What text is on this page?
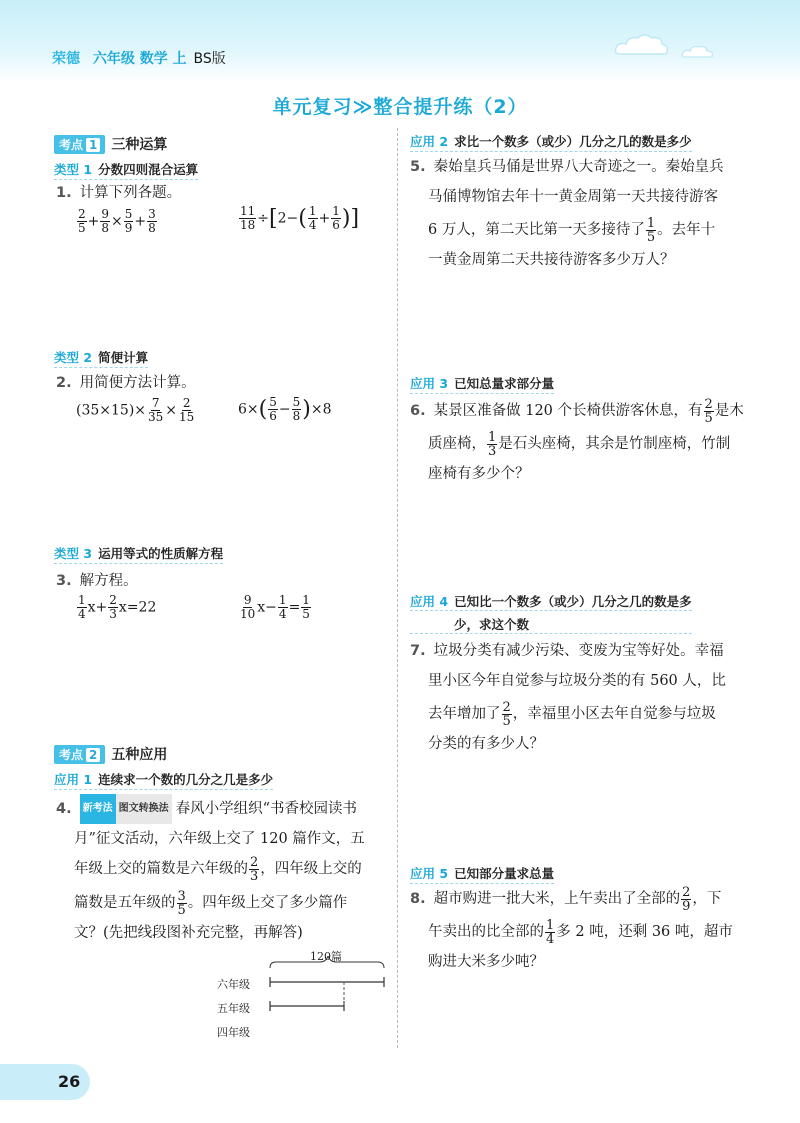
荣德 六年级 数学 上 BS版
单元复习≫整合提升练（2）
考点 1 三种运算
类型 1 分数四则混合运算
1. 计算下列各题。
$\frac{2}{5} + \frac{9}{8} \times \frac{5}{9} + \frac{3}{8}$	$\frac{11}{18} \div[2-( \frac{1}{4} + \frac{1}{6}$ )]
类型 2 简便计算
2. 用简便方法计算。
$(35\times 15)\times \frac{7}{35} \times \frac{2}{15}$	$6\times( \frac{5}{6} - \frac{5}{8} )\times 8$
类型 3 运用等式的性质解方程
3. 解方程。
$\frac{1}{4} x+ \frac{2}{3} x=22$	$\frac{9}{10} x- \frac{1}{4} = \frac{1}{5}$
考点 2 五种应用
应用 1 连续求一个数的几分之几是多少
4. 新考法 图文转换法 春风小学组织“书香校园读书
月”征文活动，六年级上交了 120 篇作文，五
年级上交的篇数是六年级的 $\frac{2}{3}$ ，四年级上交的
篇数是五年级的 $\frac{3}{5}$ 。四年级上交了多少篇作
文？(先把线段图补充完整，再解答)
120篇
六年级
五年级
四年级
应用 2 求比一个数多（或少）几分之几的数是多少
5. 秦始皇兵马俑是世界八大奇迹之一。秦始皇兵
马俑博物馆去年十一黄金周第一天共接待游客
6 万人，第二天比第一天多接待了 $\frac{1}{5}$ 。去年十
一黄金周第二天共接待游客多少万人？
应用 3 已知总量求部分量
6. 某景区准备做 120 个长椅供游客休息，有 $\frac{2}{5}$ 是木
质座椅， $\frac{1}{3}$ 是石头座椅，其余是竹制座椅，竹制
座椅有多少个？
应用 4 已知比一个数多（或少）几分之几的数是多
少，求这个数
7. 垃圾分类有减少污染、变废为宝等好处。幸福
里小区今年自觉参与垃圾分类的有 560 人，比
去年增加了 $\frac{2}{5}$ ，幸福里小区去年自觉参与垃圾
分类的有多少人？
应用 5 已知部分量求总量
8. 超市购进一批大米，上午卖出了全部的 $\frac{2}{9}$ ，下
午卖出的比全部的 $\frac{1}{4}$ 多 2 吨，还剩 36 吨，超市
购进大米多少吨？
26
